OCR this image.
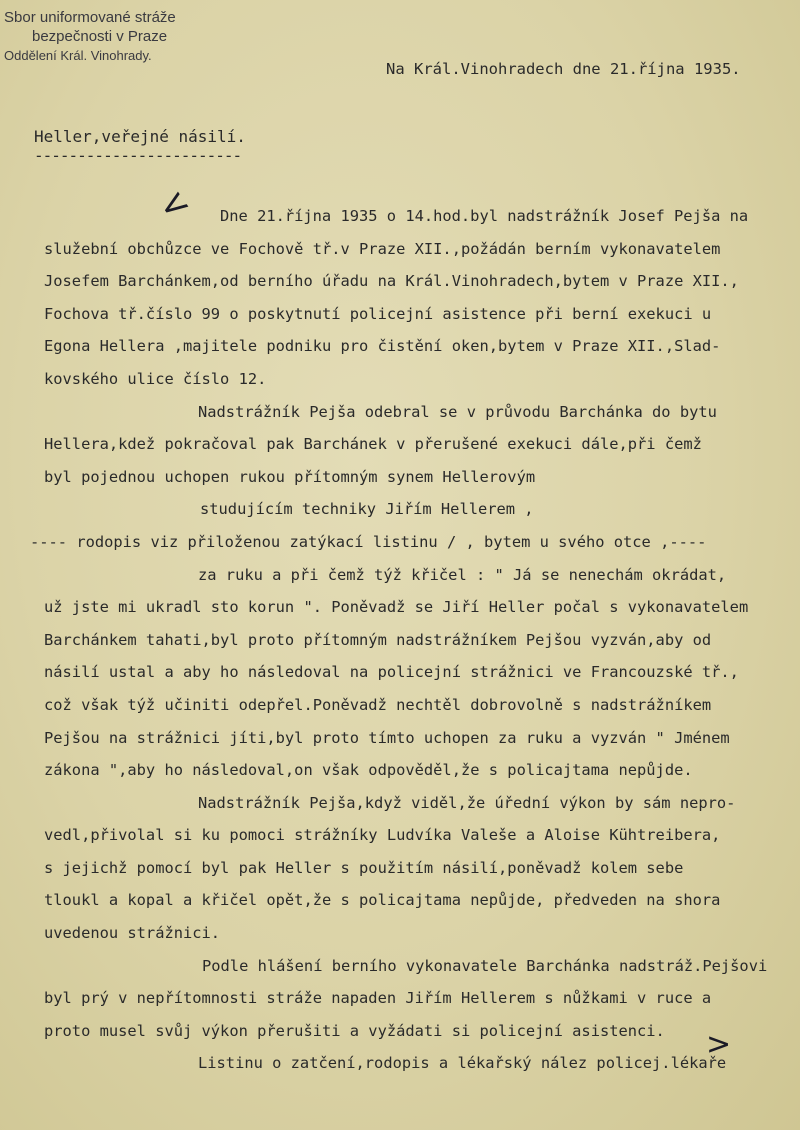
Sbor uniformované stráže
bezpečnosti v Praze
Oddělení Král. Vinohrady.
Na Král.Vinohradech dne 21.října 1935.
Heller,veřejné násilí.
------------------------
<	Dne 21.října 1935 o 14.hod.byl nadstrážník Josef Pejša na
služební obchůzce ve Fochově tř.v Praze XII.,požádán berním vykonavatelem
Josefem Barchánkem,od berního úřadu na Král.Vinohradech,bytem v Praze XII.,
Fochova tř.číslo 99 o poskytnutí policejní asistence při berní exekuci u
Egona Hellera ,majitele podniku pro čistění oken,bytem v Praze XII.,Slad-
kovského ulice číslo 12.
Nadstrážník Pejša odebral se v průvodu Barchánka do bytu
Hellera,kdež pokračoval pak Barchánek v přerušené exekuci dále,při čemž
byl pojednou uchopen rukou přítomným synem Hellerovým
studujícím techniky Jiřím Hellerem ,
---- rodopis viz přiloženou zatýkací listinu / , bytem u svého otce ,----
za ruku a při čemž týž křičel : " Já se nenechám okrádat,
už jste mi ukradl sto korun ". Poněvadž se Jiří Heller počal s vykonavatelem
Barchánkem tahati,byl proto přítomným nadstrážníkem Pejšou vyzván,aby od
násilí ustal a aby ho následoval na policejní strážnici ve Francouzské tř.,
což však týž učiniti odepřel.Poněvadž nechtěl dobrovolně s nadstrážníkem
Pejšou na strážnici jíti,byl proto tímto uchopen za ruku a vyzván " Jménem
zákona ",aby ho následoval,on však odpověděl,že s policajtama nepůjde.
Nadstrážník Pejša,když viděl,že úřední výkon by sám nepro-
vedl,přivolal si ku pomoci strážníky Ludvíka Valeše a Aloise Kühtreibera,
s jejichž pomocí byl pak Heller s použitím násilí,poněvadž kolem sebe
tloukl a kopal a křičel opět,že s policajtama nepůjde, předveden na shora
uvedenou strážnici.
Podle hlášení berního vykonavatele Barchánka nadstráž.Pejšovi
byl prý v nepřítomnosti stráže napaden Jiřím Hellerem s nůžkami v ruce a
proto musel svůj výkon přerušiti a vyžádati si policejní asistenci.
Listinu o zatčení,rodopis a lékařský nález policej.lékaře
>
